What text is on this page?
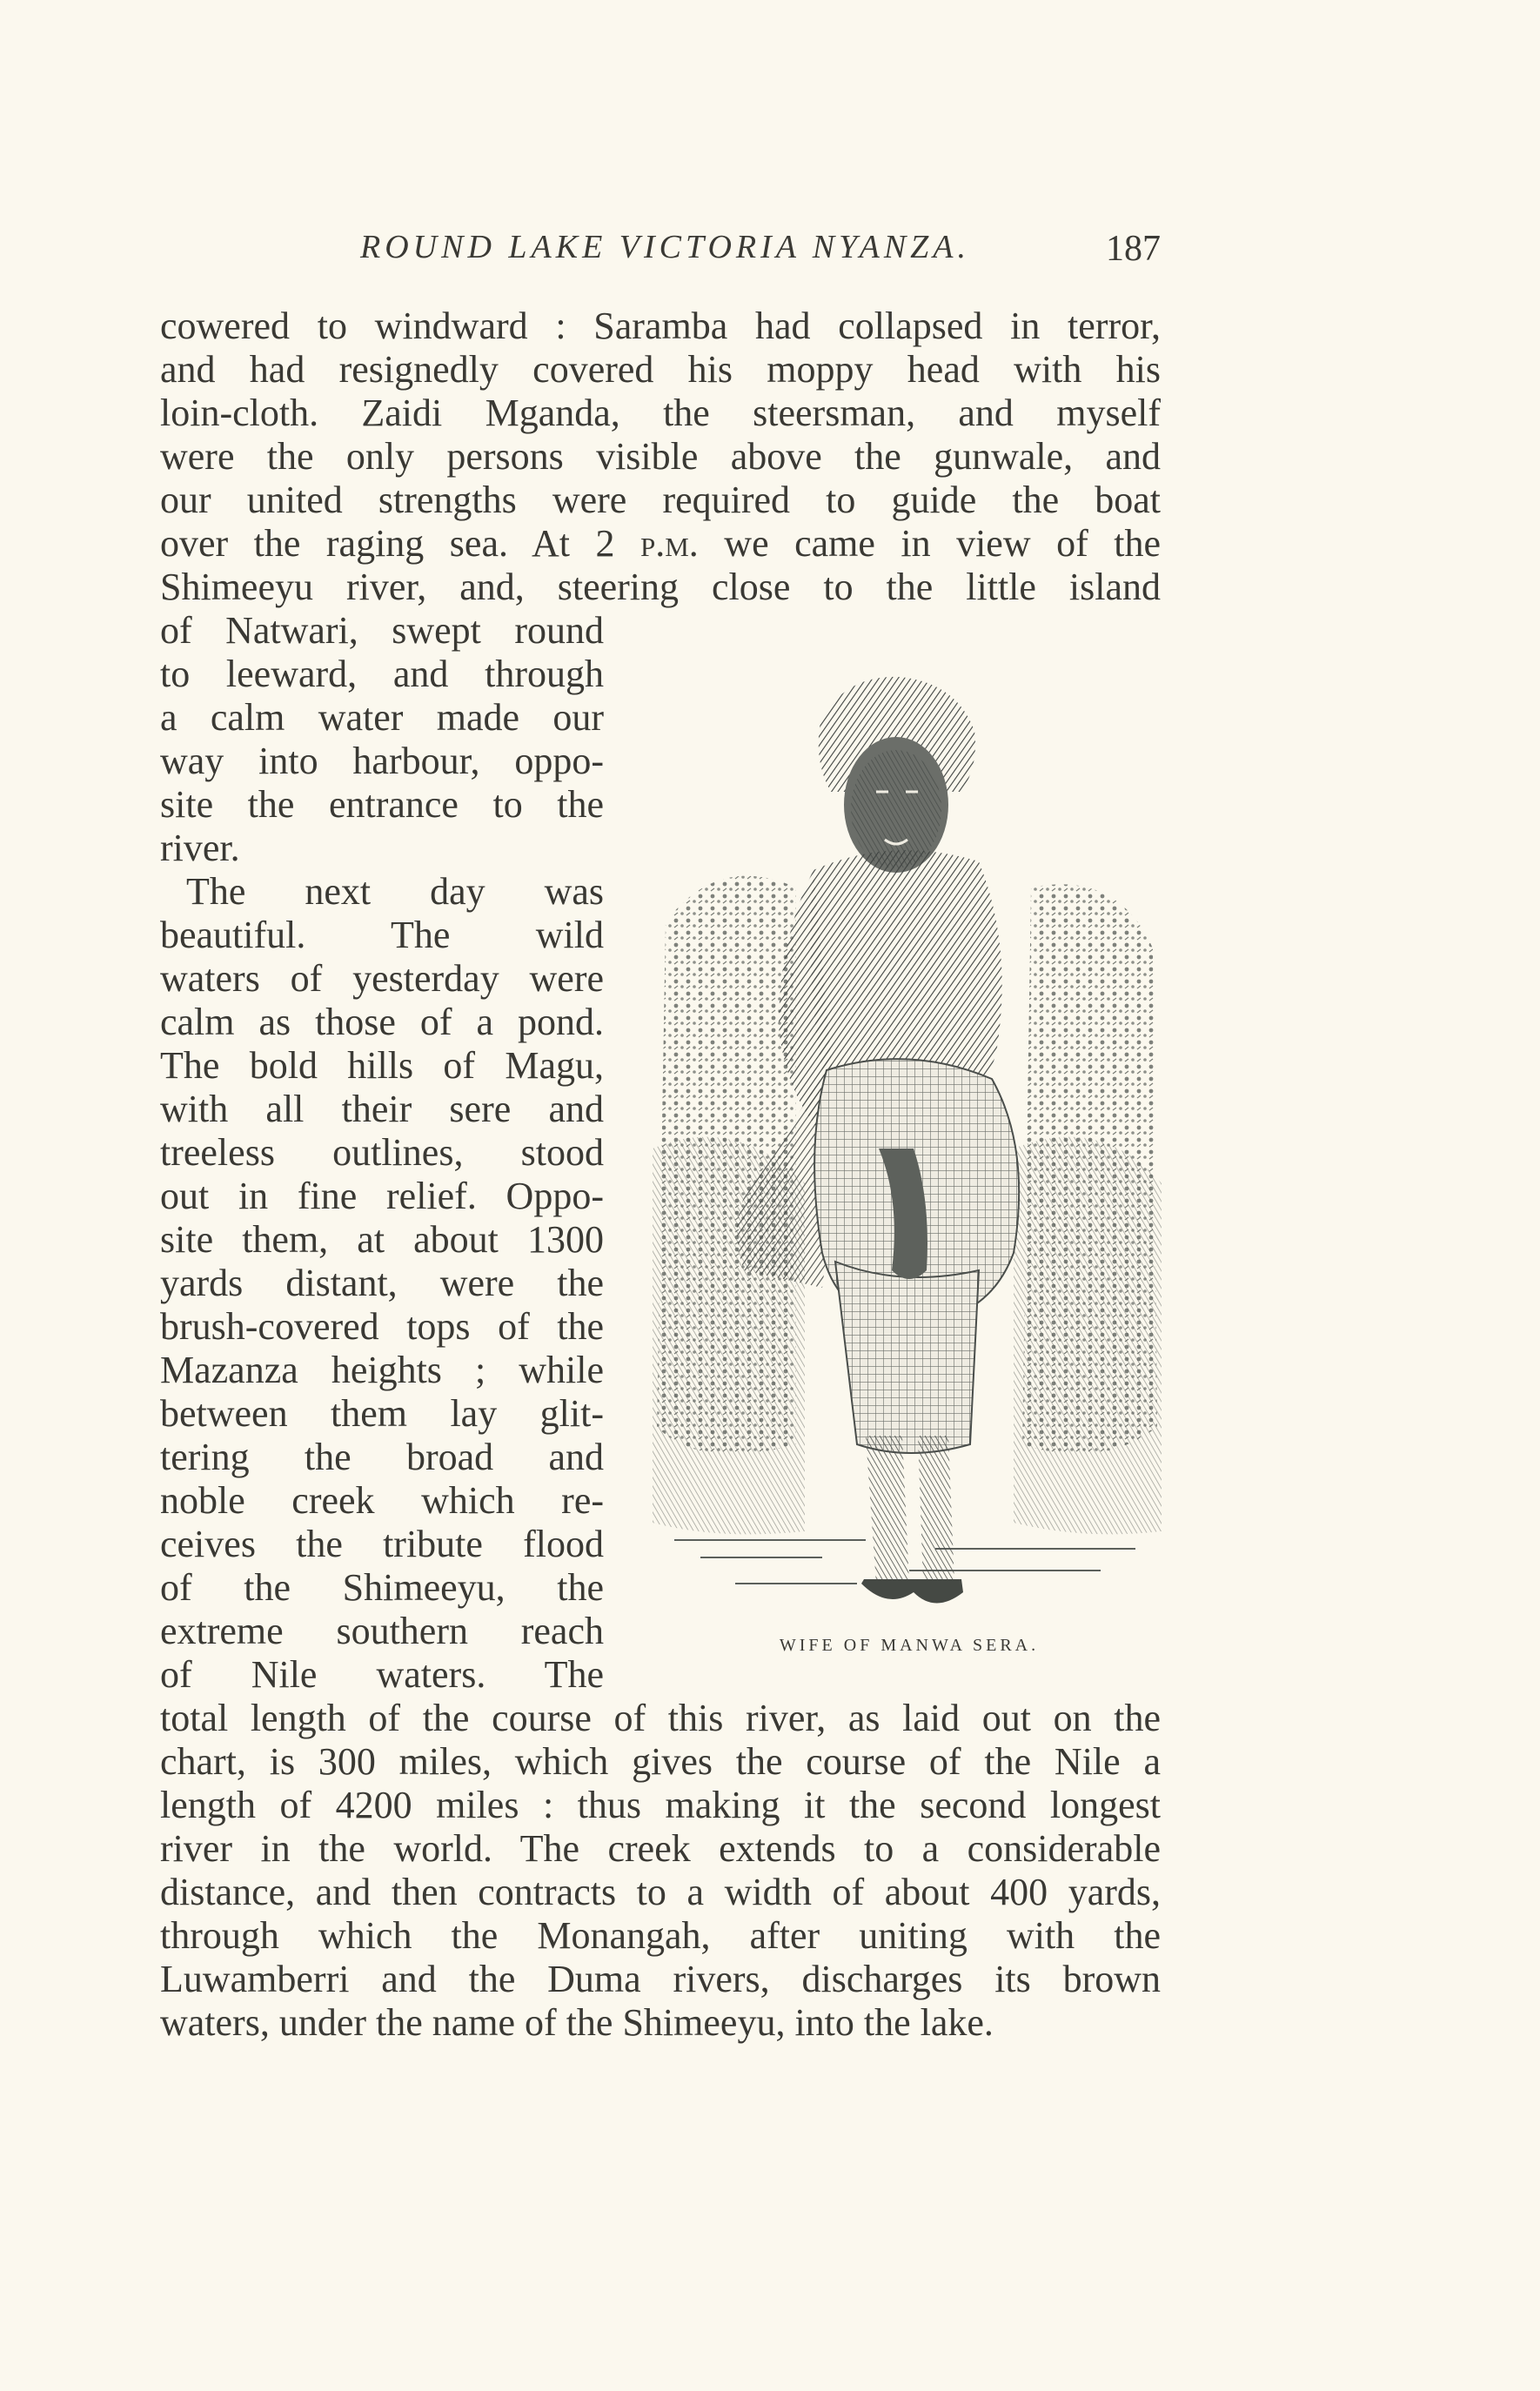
ROUND LAKE VICTORIA NYANZA.	187
cowered to windward : Saramba had collapsed in terror,
and had resignedly covered his moppy head with his
loin-cloth. Zaidi Mganda, the steersman, and myself
were the only persons visible above the gunwale, and
our united strengths were required to guide the boat
over the raging sea. At 2 p.m. we came in view of the
Shimeeyu river, and, steering close to the little island
of Natwari, swept round
to leeward, and through
a calm water made our
way into harbour, oppo-
site the entrance to the
river.
The next day was
beautiful. The wild
waters of yesterday were
calm as those of a pond.
The bold hills of Magu,
with all their sere and
treeless outlines, stood
out in fine relief. Oppo-
site them, at about 1300
yards distant, were the
brush-covered tops of the
Mazanza heights ; while
between them lay glit-
tering the broad and
noble creek which re-
ceives the tribute flood
of the Shimeeyu, the
extreme southern reach
of Nile waters. The
total length of the course of this river, as laid out on the
chart, is 300 miles, which gives the course of the Nile a
length of 4200 miles : thus making it the second longest
river in the world. The creek extends to a considerable
distance, and then contracts to a width of about 400 yards,
through which the Monangah, after uniting with the
Luwamberri and the Duma rivers, discharges its brown
waters, under the name of the Shimeeyu, into the lake.
WIFE OF MANWA SERA.
